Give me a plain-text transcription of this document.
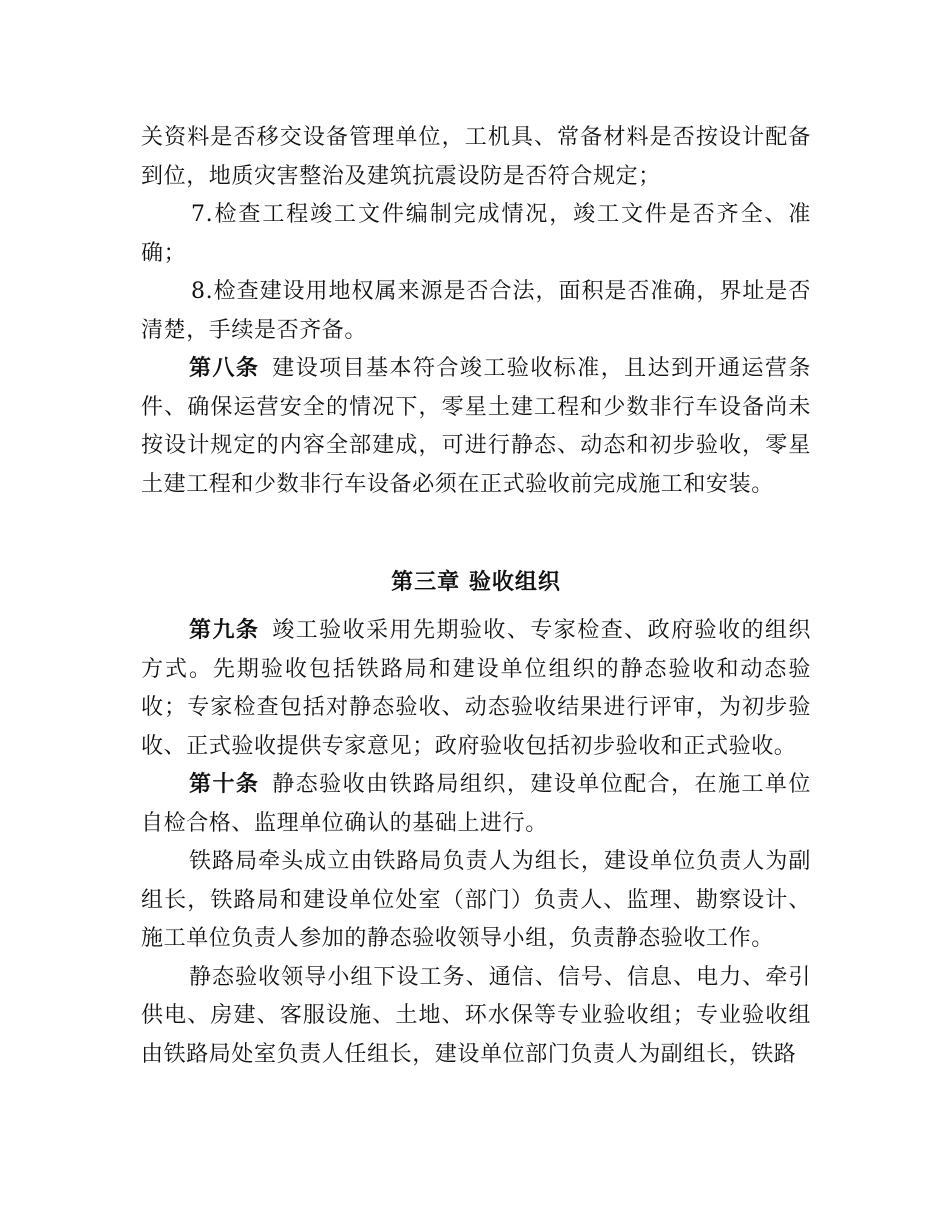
关资料是否移交设备管理单位，工机具、常备材料是否按设计配备到位，地质灾害整治及建筑抗震设防是否符合规定；

7.检查工程竣工文件编制完成情况，竣工文件是否齐全、准确；

8.检查建设用地权属来源是否合法，面积是否准确，界址是否清楚，手续是否齐备。

第八条 建设项目基本符合竣工验收标准，且达到开通运营条件、确保运营安全的情况下，零星土建工程和少数非行车设备尚未按设计规定的内容全部建成，可进行静态、动态和初步验收，零星土建工程和少数非行车设备必须在正式验收前完成施工和安装。

第三章 验收组织

第九条 竣工验收采用先期验收、专家检查、政府验收的组织方式。先期验收包括铁路局和建设单位组织的静态验收和动态验收；专家检查包括对静态验收、动态验收结果进行评审，为初步验收、正式验收提供专家意见；政府验收包括初步验收和正式验收。

第十条 静态验收由铁路局组织，建设单位配合，在施工单位自检合格、监理单位确认的基础上进行。

铁路局牵头成立由铁路局负责人为组长，建设单位负责人为副组长，铁路局和建设单位处室（部门）负责人、监理、勘察设计、施工单位负责人参加的静态验收领导小组，负责静态验收工作。

静态验收领导小组下设工务、通信、信号、信息、电力、牵引供电、房建、客服设施、土地、环水保等专业验收组；专业验收组由铁路局处室负责人任组长，建设单位部门负责人为副组长，铁路
